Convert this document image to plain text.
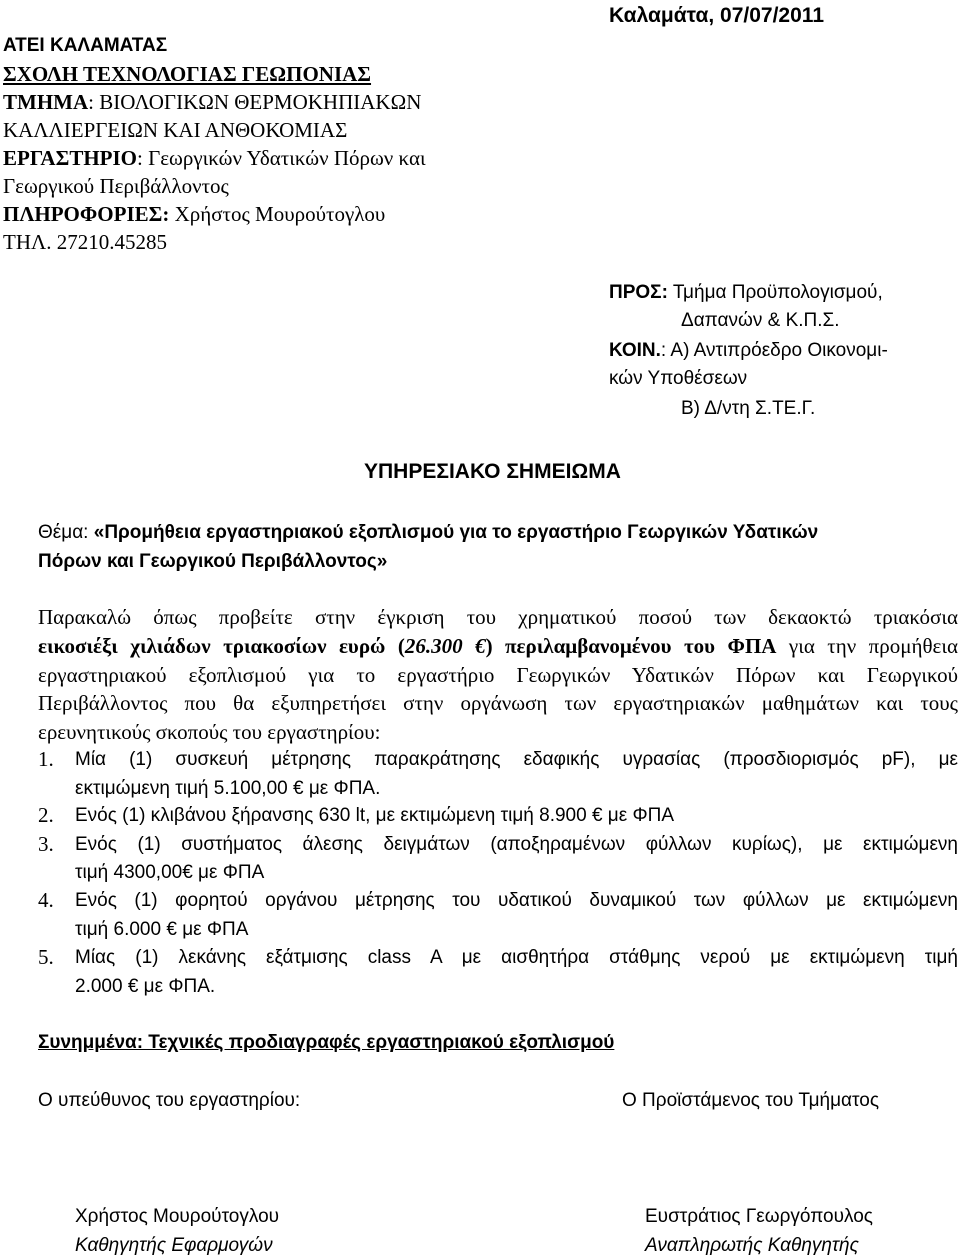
Καλαμάτα, 07/07/2011
ΑΤΕΙ ΚΑΛΑΜΑΤΑΣ
ΣΧΟΛΗ ΤΕΧΝΟΛΟΓΙΑΣ ΓΕΩΠΟΝΙΑΣ
ΤΜΗΜΑ: ΒΙΟΛΟΓΙΚΩΝ ΘΕΡΜΟΚΗΠΙΑΚΩΝ
ΚΑΛΛΙΕΡΓΕΙΩΝ ΚΑΙ ΑΝΘΟΚΟΜΙΑΣ
ΕΡΓΑΣΤΗΡΙΟ: Γεωργικών Υδατικών Πόρων και
Γεωργικού Περιβάλλοντος
ΠΛΗΡΟΦΟΡΙΕΣ: Χρήστος Μουρούτογλου
ΤΗΛ. 27210.45285
ΠΡΟΣ: Τμήμα Προϋπολογισμού,
Δαπανών & Κ.Π.Σ.
ΚΟΙΝ.: Α) Αντιπρόεδρο Οικονομι-
κών Υποθέσεων
Β) Δ/ντη Σ.ΤΕ.Γ.
ΥΠΗΡΕΣΙΑΚΟ ΣΗΜΕΙΩΜΑ
Θέμα: «Προμήθεια εργαστηριακού εξοπλισμού για το εργαστήριο Γεωργικών Υδατικών
Πόρων και Γεωργικού Περιβάλλοντος»
Παρακαλώ όπως προβείτε στην έγκριση του χρηματικού ποσού των δεκαοκτώ τριακόσια
εικοσιέξι χιλιάδων τριακοσίων ευρώ (26.300 €) περιλαμβανομένου του ΦΠΑ για την προμήθεια
εργαστηριακού εξοπλισμού για το εργαστήριο Γεωργικών Υδατικών Πόρων και Γεωργικού
Περιβάλλοντος που θα εξυπηρετήσει στην οργάνωση των εργαστηριακών μαθημάτων και τους
ερευνητικούς σκοπούς του εργαστηρίου:
1. Μία (1) συσκευή μέτρησης παρακράτησης εδαφικής υγρασίας (προσδιορισμός pF), με
εκτιμώμενη τιμή 5.100,00 € με ΦΠΑ.
2. Ενός (1) κλιβάνου ξήρανσης 630 lt, με εκτιμώμενη τιμή 8.900 € με ΦΠΑ
3. Ενός (1) συστήματος άλεσης δειγμάτων (αποξηραμένων φύλλων κυρίως), με εκτιμώμενη
τιμή 4300,00€ με ΦΠΑ
4. Ενός (1) φορητού οργάνου μέτρησης του υδατικού δυναμικού των φύλλων με εκτιμώμενη
τιμή 6.000 € με ΦΠΑ
5. Μίας (1) λεκάνης εξάτμισης class A με αισθητήρα στάθμης νερού με εκτιμώμενη τιμή
2.000 € με ΦΠΑ.
Συνημμένα: Τεχνικές προδιαγραφές εργαστηριακού εξοπλισμού
Ο υπεύθυνος του εργαστηρίου:	Ο Προϊστάμενος του Τμήματος
Χρήστος Μουρούτογλου
Καθηγητής Εφαρμογών
Ευστράτιος Γεωργόπουλος
Αναπληρωτής Καθηγητής
